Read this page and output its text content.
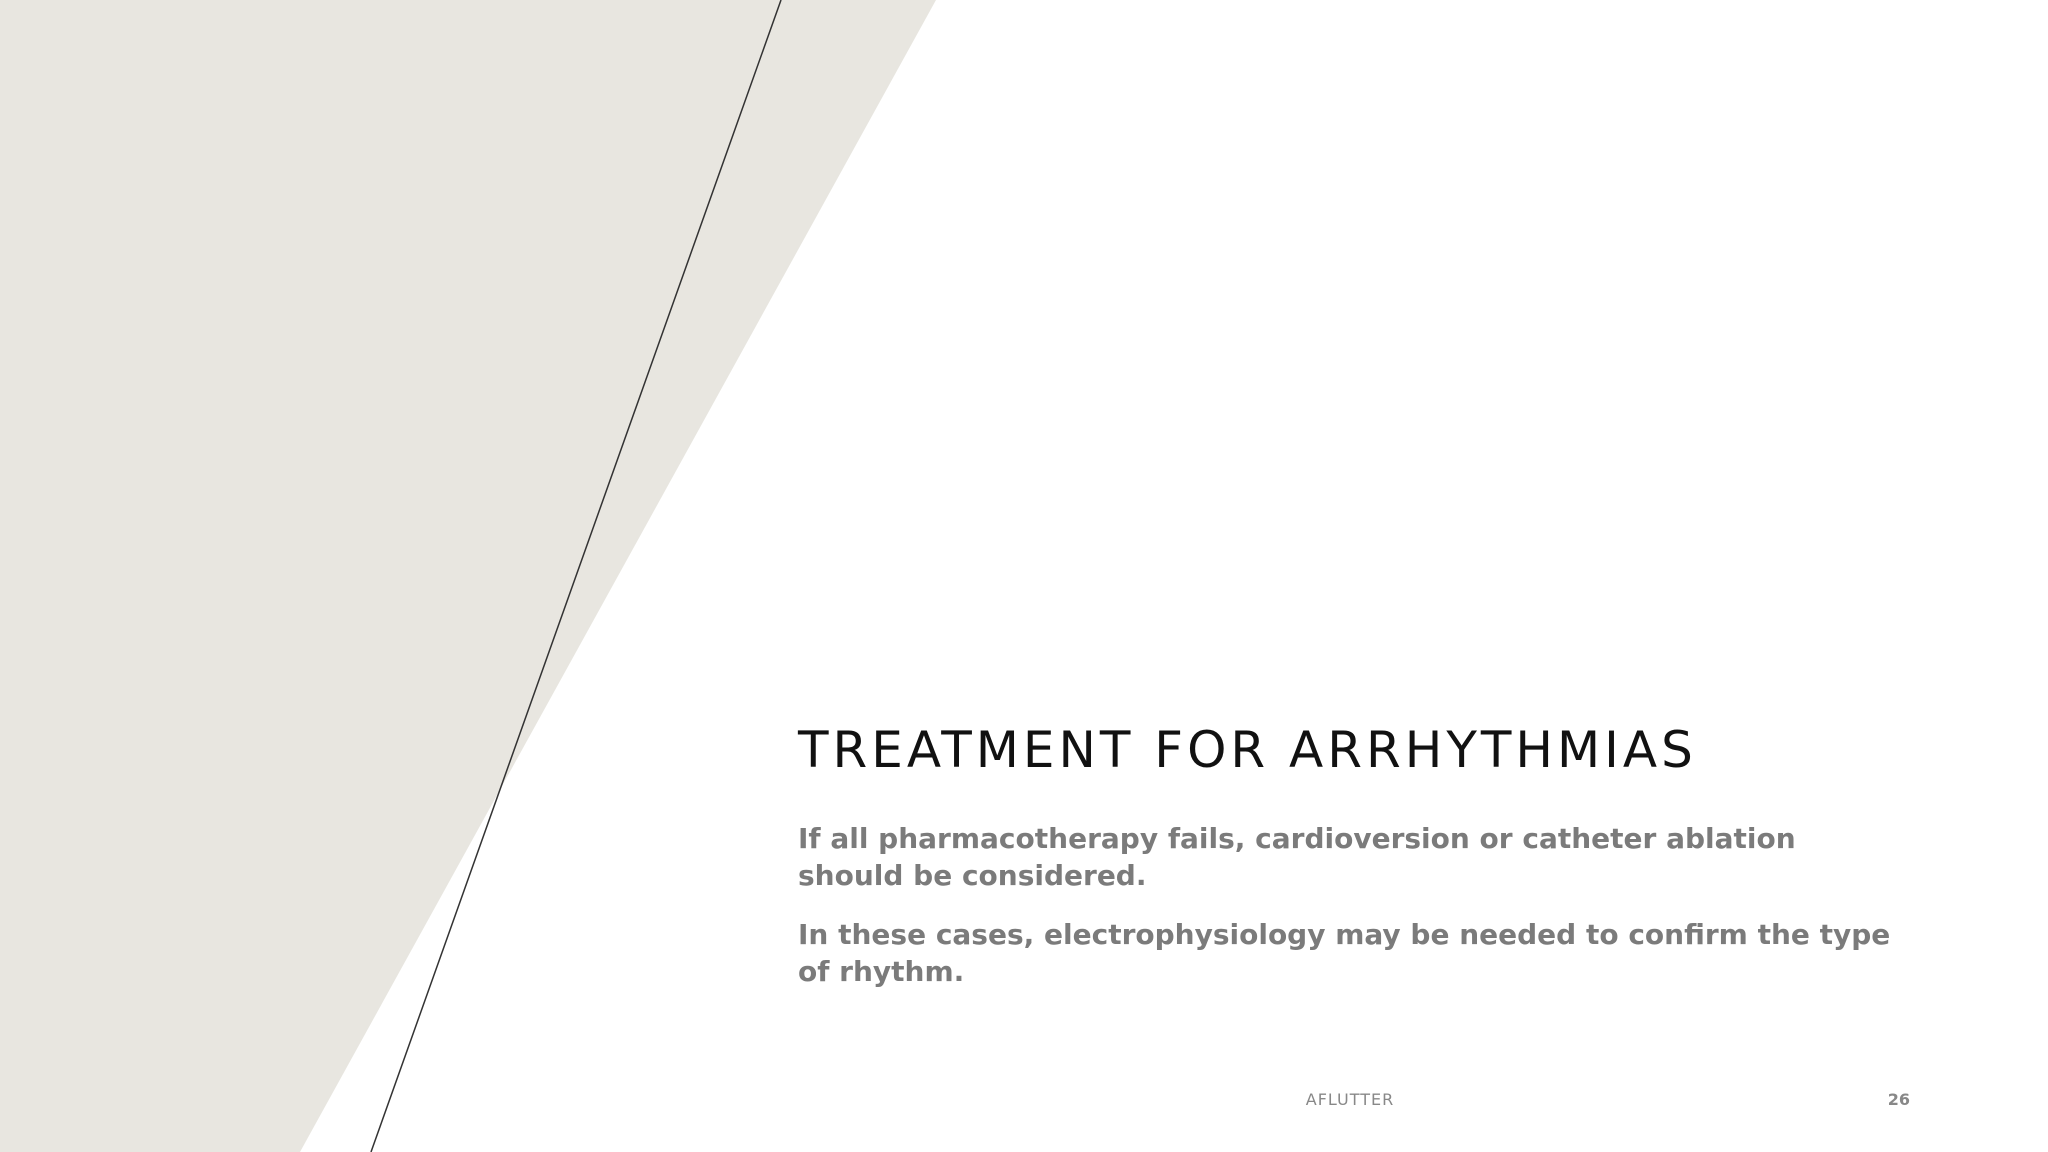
TREATMENT FOR ARRHYTHMIAS

If all pharmacotherapy fails, cardioversion or catheter ablation should be considered.

In these cases, electrophysiology may be needed to confirm the type of rhythm.

AFLUTTER	26
